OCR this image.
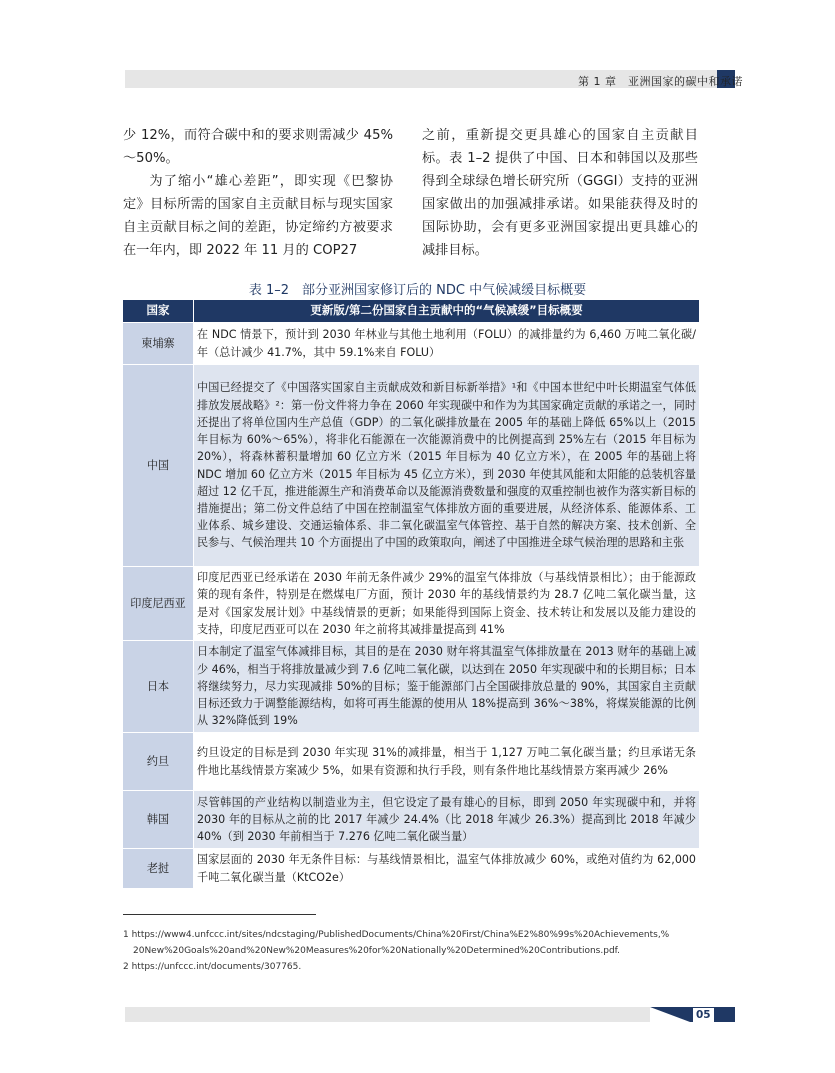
第 1 章　亚洲国家的碳中和承诺

少 12%，而符合碳中和的要求则需减少 45%～50%。

为了缩小“雄心差距”，即实现《巴黎协定》目标所需的国家自主贡献目标与现实国家自主贡献目标之间的差距，协定缔约方被要求在一年内，即 2022 年 11 月的 COP27

之前，重新提交更具雄心的国家自主贡献目标。表 1–2 提供了中国、日本和韩国以及那些得到全球绿色增长研究所（GGGI）支持的亚洲国家做出的加强减排承诺。如果能获得及时的国际协助，会有更多亚洲国家提出更具雄心的减排目标。

表 1–2　部分亚洲国家修订后的 NDC 中气候减缓目标概要
国家	更新版/第二份国家自主贡献中的“气候减缓”目标概要
柬埔寨	在 NDC 情景下，预计到 2030 年林业与其他土地利用（FOLU）的减排量约为 6,460 万吨二氧化碳/年（总计减少 41.7%，其中 59.1%来自 FOLU）
中国	中国已经提交了《中国落实国家自主贡献成效和新目标新举措》¹和《中国本世纪中叶长期温室气体低排放发展战略》²：第一份文件将力争在 2060 年实现碳中和作为为其国家确定贡献的承诺之一，同时还提出了将单位国内生产总值（GDP）的二氧化碳排放量在 2005 年的基础上降低 65%以上（2015 年目标为 60%～65%），将非化石能源在一次能源消费中的比例提高到 25%左右（2015 年目标为 20%），将森林蓄积量增加 60 亿立方米（2015 年目标为 40 亿立方米），在 2005 年的基础上将 NDC 增加 60 亿立方米（2015 年目标为 45 亿立方米），到 2030 年使其风能和太阳能的总装机容量超过 12 亿千瓦，推进能源生产和消费革命以及能源消费数量和强度的双重控制也被作为落实新目标的措施提出；第二份文件总结了中国在控制温室气体排放方面的重要进展，从经济体系、能源体系、工业体系、城乡建设、交通运输体系、非二氧化碳温室气体管控、基于自然的解决方案、技术创新、全民参与、气候治理共 10 个方面提出了中国的政策取向，阐述了中国推进全球气候治理的思路和主张
印度尼西亚	印度尼西亚已经承诺在 2030 年前无条件减少 29%的温室气体排放（与基线情景相比）；由于能源政策的现有条件，特别是在燃煤电厂方面，预计 2030 年的基线情景约为 28.7 亿吨二氧化碳当量，这是对《国家发展计划》中基线情景的更新；如果能得到国际上资金、技术转让和发展以及能力建设的支持，印度尼西亚可以在 2030 年之前将其减排量提高到 41%
日本	日本制定了温室气体减排目标，其目的是在 2030 财年将其温室气体排放量在 2013 财年的基础上减少 46%，相当于将排放量减少到 7.6 亿吨二氧化碳，以达到在 2050 年实现碳中和的长期目标；日本将继续努力，尽力实现减排 50%的目标；鉴于能源部门占全国碳排放总量的 90%，其国家自主贡献目标还致力于调整能源结构，如将可再生能源的使用从 18%提高到 36%～38%，将煤炭能源的比例从 32%降低到 19%
约旦	约旦设定的目标是到 2030 年实现 31%的减排量，相当于 1,127 万吨二氧化碳当量；约旦承诺无条件地比基线情景方案减少 5%，如果有资源和执行手段，则有条件地比基线情景方案再减少 26%
韩国	尽管韩国的产业结构以制造业为主，但它设定了最有雄心的目标，即到 2050 年实现碳中和，并将 2030 年的目标从之前的比 2017 年减少 24.4%（比 2018 年减少 26.3%）提高到比 2018 年减少 40%（到 2030 年前相当于 7.276 亿吨二氧化碳当量）
老挝	国家层面的 2030 年无条件目标：与基线情景相比，温室气体排放减少 60%，或绝对值约为 62,000 千吨二氧化碳当量（KtCO2e）
1 https://www4.unfccc.int/sites/ndcstaging/PublishedDocuments/China%20First/China%E2%80%99s%20Achievements,%
20New%20Goals%20and%20New%20Measures%20for%20Nationally%20Determined%20Contributions.pdf.
2 https://unfccc.int/documents/307765.
05
